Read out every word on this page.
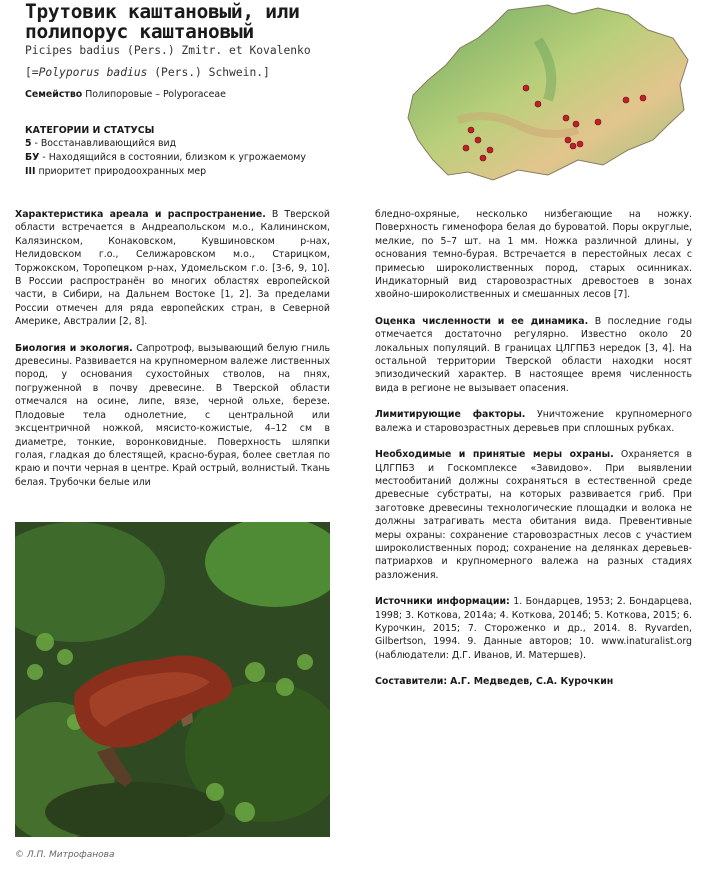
Трутовик каштановый, или полипорус каштановый
Picipes badius (Pers.) Zmitr. et Kovalenko
[=Polyporus badius (Pers.) Schwein.]
Семейство Полипоровые – Polyporaceae
КАТЕГОРИИ И СТАТУСЫ
5 - Восстанавливающийся вид
БУ - Находящийся в состоянии, близком к угрожаемому
III приоритет природоохранных мер

Характеристика ареала и распространение. В Тверской области встречается в Андреапольском м.о., Калининском, Калязинском, Конаковском, Кувшиновском р-нах, Нелидовском г.о., Селижаровском м.о., Старицком, Торжокском, Торопецком р-нах, Удомельском г.о. [3-6, 9, 10]. В России распространён во многих областях европейской части, в Сибири, на Дальнем Востоке [1, 2]. За пределами России отмечен для ряда европейских стран, в Северной Америке, Австралии [2, 8].

Биология и экология. Сапротроф, вызывающий белую гниль древесины. Развивается на крупномерном валеже лиственных пород, у основания сухостойных стволов, на пнях, погруженной в почву древесине. В Тверской области отмечался на осине, липе, вязе, черной ольхе, березе. Плодовые тела однолетние, с центральной или эксцентричной ножкой, мясисто-кожистые, 4–12 см в диаметре, тонкие, воронковидные. Поверхность шляпки голая, гладкая до блестящей, красно-бурая, более светлая по краю и почти черная в центре. Край острый, волнистый. Ткань белая. Трубочки белые или

© Л.П. Митрофанова

бледно-охряные, несколько низбегающие на ножку. Поверхность гименофора белая до буроватой. Поры округлые, мелкие, по 5–7 шт. на 1 мм. Ножка различной длины, у основания темно-бурая. Встречается в перестойных лесах с примесью широколиственных пород, старых осинниках. Индикаторный вид старовозрастных древостоев в зонах хвойно-широколиственных и смешанных лесов [7].

Оценка численности и ее динамика. В последние годы отмечается достаточно регулярно. Известно около 20 локальных популяций. В границах ЦЛГПБЗ нередок [3, 4]. На остальной территории Тверской области находки носят эпизодический характер. В настоящее время численность вида в регионе не вызывает опасения.

Лимитирующие факторы. Уничтожение крупномерного валежа и старовозрастных деревьев при сплошных рубках.

Необходимые и принятые меры охраны. Охраняется в ЦЛГПБЗ и Госкомплексе «Завидово». При выявлении местообитаний должны сохраняться в естественной среде древесные субстраты, на которых развивается гриб. При заготовке древесины технологические площадки и волока не должны затрагивать места обитания вида. Превентивные меры охраны: сохранение старовозрастных лесов с участием широколиственных пород; сохранение на делянках деревьев-патриархов и крупномерного валежа на разных стадиях разложения.

Источники информации: 1. Бондарцев, 1953; 2. Бондарцева, 1998; 3. Коткова, 2014а; 4. Коткова, 2014б; 5. Коткова, 2015; 6. Курочкин, 2015; 7. Стороженко и др., 2014. 8. Ryvarden, Gilbertson, 1994. 9. Данные авторов; 10. www.inaturalist.org (наблюдатели: Д.Г. Иванов, И. Матершев).

Составители: А.Г. Медведев, С.А. Курочкин
